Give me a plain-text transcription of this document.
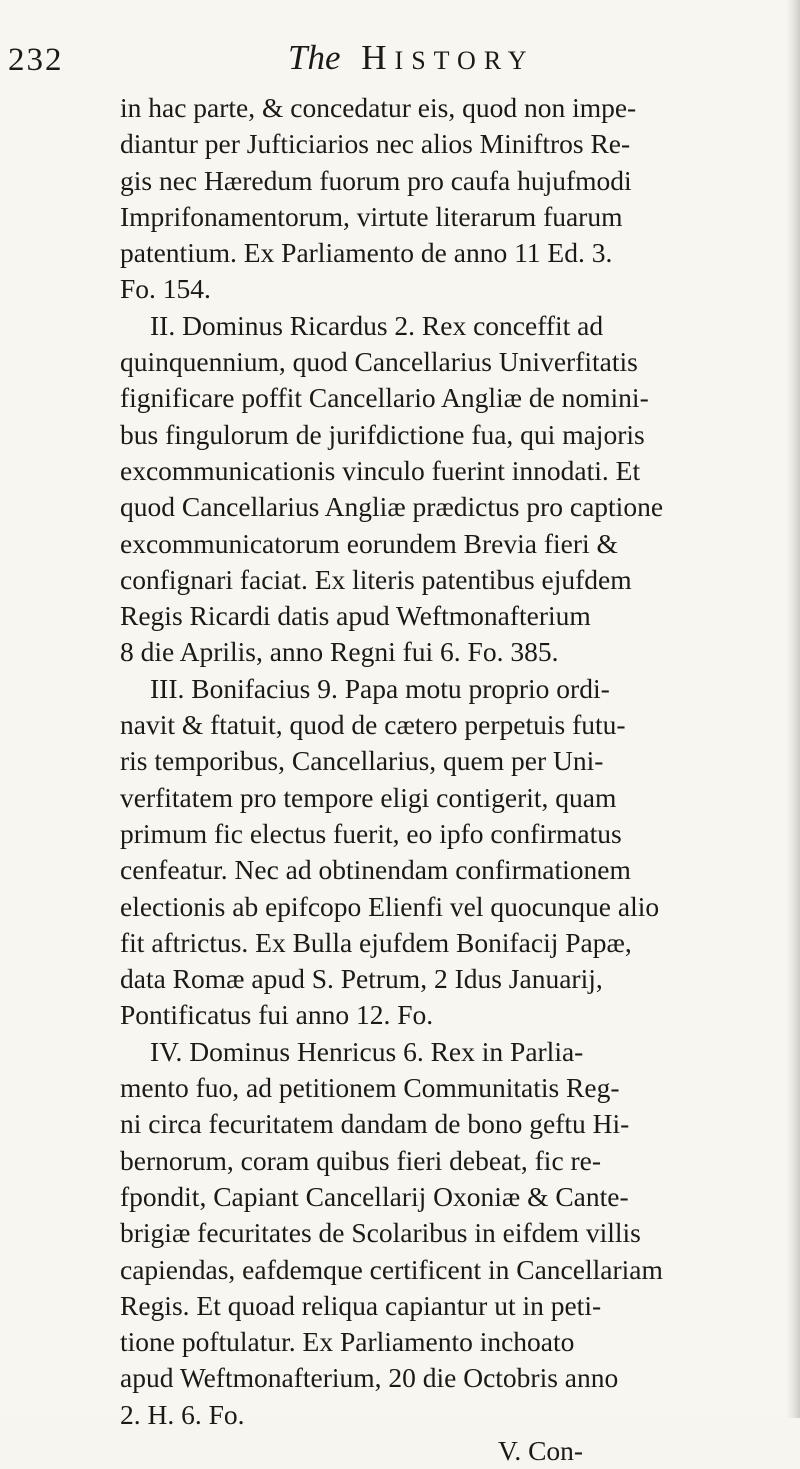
232	The HISTORY
in hac parte, & concedatur eis, quod non impe-
diantur per Jufticiarios nec alios Miniftros Re-
gis nec Hæredum fuorum pro caufa hujufmodi
Imprifonamentorum, virtute literarum fuarum
patentium. Ex Parliamento de anno 11 Ed. 3.
Fo. 154.
II. Dominus Ricardus 2. Rex conceffit ad
quinquennium, quod Cancellarius Univerfitatis
fignificare poffit Cancellario Angliæ de nomini-
bus fingulorum de jurifdictione fua, qui majoris
excommunicationis vinculo fuerint innodati. Et
quod Cancellarius Angliæ prædictus pro captione
excommunicatorum eorundem Brevia fieri &
confignari faciat. Ex literis patentibus ejufdem
Regis Ricardi datis apud Weftmonafterium
8 die Aprilis, anno Regni fui 6. Fo. 385.
III. Bonifacius 9. Papa motu proprio ordi-
navit & ftatuit, quod de cætero perpetuis futu-
ris temporibus, Cancellarius, quem per Uni-
verfitatem pro tempore eligi contigerit, quam
primum fic electus fuerit, eo ipfo confirmatus
cenfeatur. Nec ad obtinendam confirmationem
electionis ab epifcopo Elienfi vel quocunque alio
fit aftrictus. Ex Bulla ejufdem Bonifacij Papæ,
data Romæ apud S. Petrum, 2 Idus Januarij,
Pontificatus fui anno 12. Fo.
IV. Dominus Henricus 6. Rex in Parlia-
mento fuo, ad petitionem Communitatis Reg-
ni circa fecuritatem dandam de bono geftu Hi-
bernorum, coram quibus fieri debeat, fic re-
fpondit, Capiant Cancellarij Oxoniæ & Cante-
brigiæ fecuritates de Scolaribus in eifdem villis
capiendas, eafdemque certificent in Cancellariam
Regis. Et quoad reliqua capiantur ut in peti-
tione poftulatur. Ex Parliamento inchoato
apud Weftmonafterium, 20 die Octobris anno
2. H. 6. Fo.
V. Con-
